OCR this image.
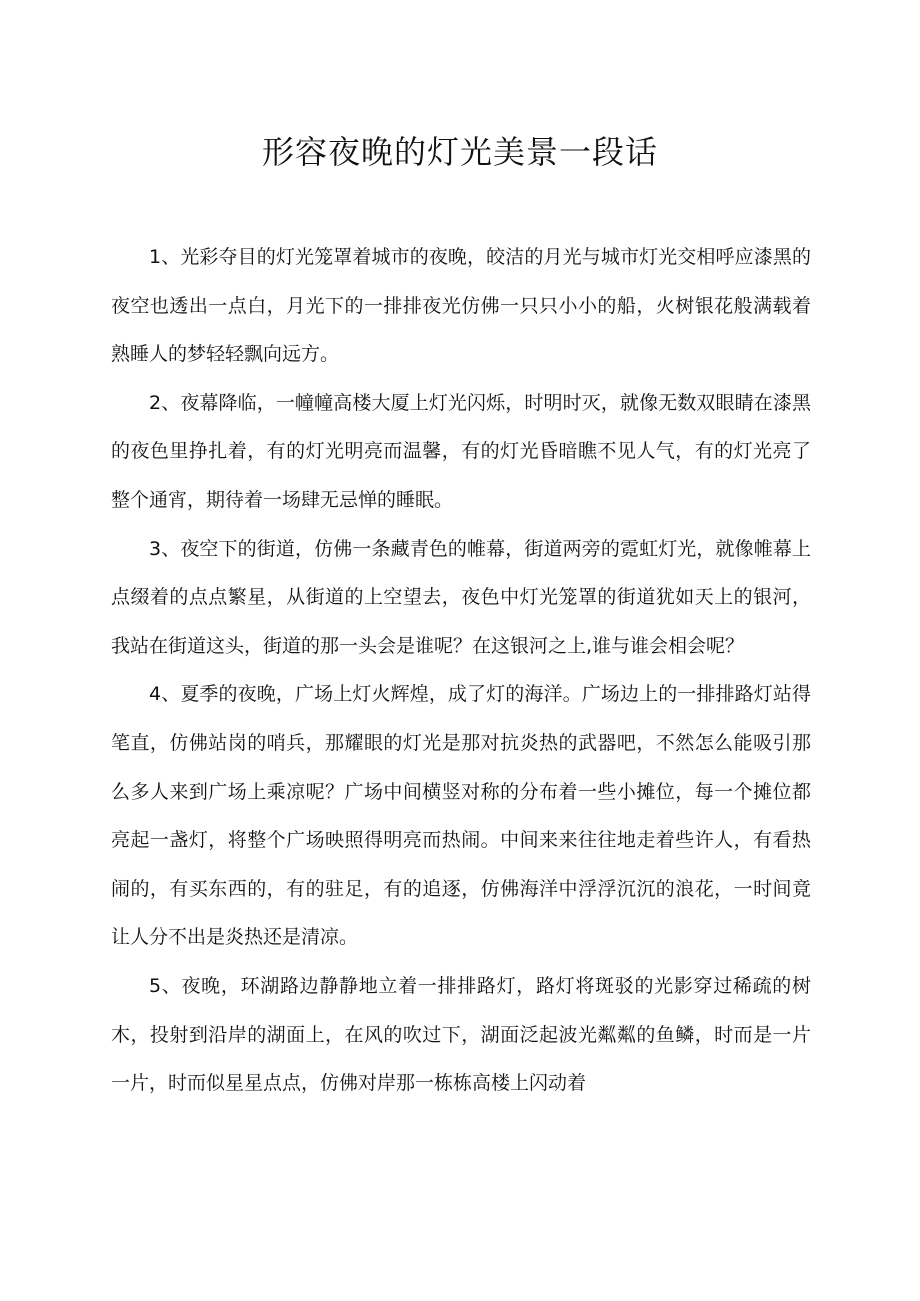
形容夜晚的灯光美景一段话

1、光彩夺目的灯光笼罩着城市的夜晚，皎洁的月光与城市灯光交相呼应漆黑的夜空也透出一点白，月光下的一排排夜光仿佛一只只小小的船，火树银花般满载着熟睡人的梦轻轻飘向远方。

2、夜幕降临，一幢幢高楼大厦上灯光闪烁，时明时灭，就像无数双眼睛在漆黑的夜色里挣扎着，有的灯光明亮而温馨，有的灯光昏暗瞧不见人气，有的灯光亮了整个通宵，期待着一场肆无忌惮的睡眠。

3、夜空下的街道，仿佛一条藏青色的帷幕，街道两旁的霓虹灯光，就像帷幕上点缀着的点点繁星，从街道的上空望去，夜色中灯光笼罩的街道犹如天上的银河，我站在街道这头，街道的那一头会是谁呢？在这银河之上,谁与谁会相会呢？

4、夏季的夜晚，广场上灯火辉煌，成了灯的海洋。广场边上的一排排路灯站得笔直，仿佛站岗的哨兵，那耀眼的灯光是那对抗炎热的武器吧，不然怎么能吸引那么多人来到广场上乘凉呢？广场中间横竖对称的分布着一些小摊位，每一个摊位都亮起一盏灯，将整个广场映照得明亮而热闹。中间来来往往地走着些许人，有看热闹的，有买东西的，有的驻足，有的追逐，仿佛海洋中浮浮沉沉的浪花，一时间竟让人分不出是炎热还是清凉。

5、夜晚，环湖路边静静地立着一排排路灯，路灯将斑驳的光影穿过稀疏的树木，投射到沿岸的湖面上，在风的吹过下，湖面泛起波光粼粼的鱼鳞，时而是一片一片，时而似星星点点，仿佛对岸那一栋栋高楼上闪动着
